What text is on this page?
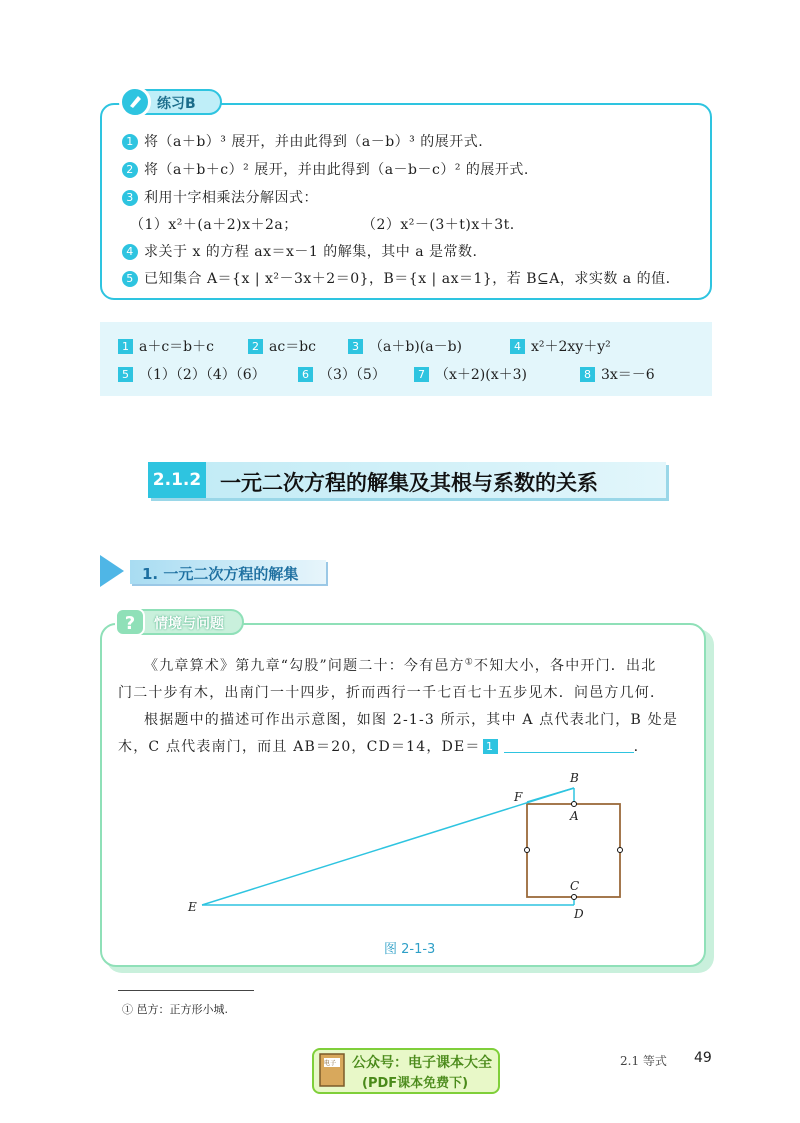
练习B
1 将（a＋b）³ 展开，并由此得到（a－b）³ 的展开式.
2 将（a＋b＋c）² 展开，并由此得到（a－b－c）² 的展开式.
3 利用十字相乘法分解因式：
（1）x²＋(a＋2)x＋2a；	（2）x²－(3＋t)x＋3t.
4 求关于 x 的方程 ax＝x－1 的解集，其中 a 是常数.
5 已知集合 A＝{x | x²－3x＋2＝0}，B＝{x | ax＝1}，若 B⊆A，求实数 a 的值.
1 a＋c＝b＋c	2 ac＝bc	3 （a＋b)(a－b)	4 x²＋2xy＋y²
5 （1）（2）（4）（6）	6 （3）（5）	7 （x＋2)(x＋3)	8 3x＝－6
2.1.2 一元二次方程的解集及其根与系数的关系
1. 一元二次方程的解集
? 情境与问题
《九章算术》第九章“勾股”问题二十：今有邑方①不知大小，各中开门．出北
门二十步有木，出南门一十四步，折而西行一千七百七十五步见木．问邑方几何．
根据题中的描述可作出示意图，如图 2-1-3 所示，其中 A 点代表北门，B 处是
木，C 点代表南门，而且 AB＝20，CD＝14，DE＝ 1	.
B
F
A
C
E	D
图 2-1-3
① 邑方：正方形小城.
电子 公众号：电子课本大全
(PDF课本免费下)
2.1 等式 49
